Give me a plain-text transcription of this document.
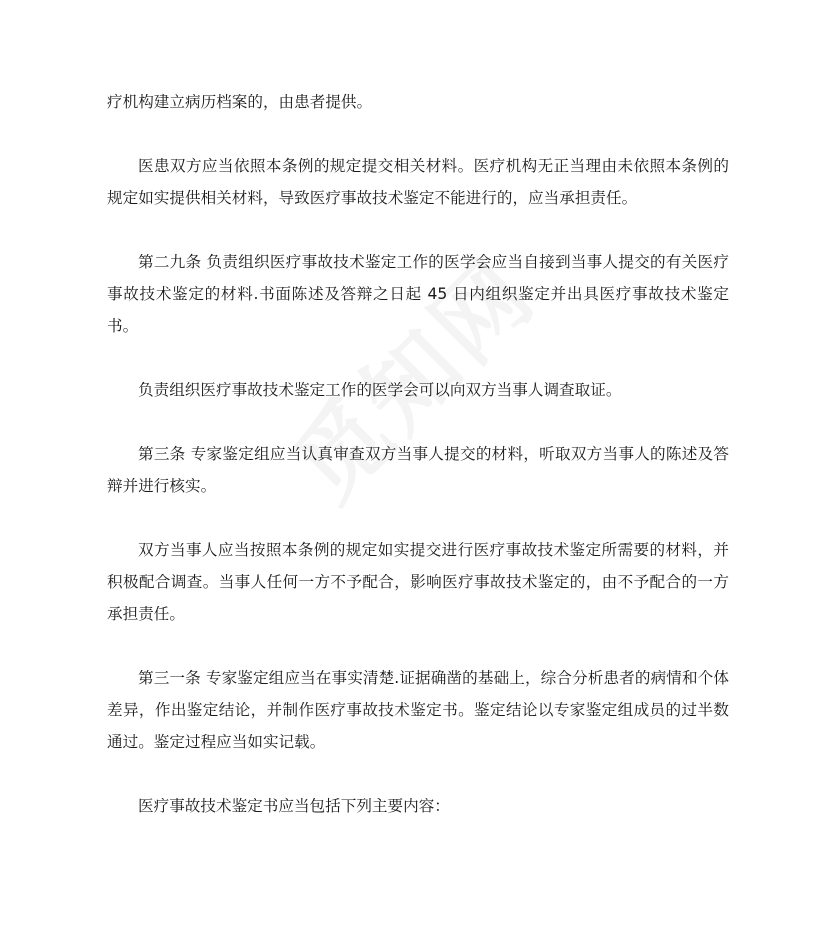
疗机构建立病历档案的，由患者提供。

医患双方应当依照本条例的规定提交相关材料。医疗机构无正当理由未依照本条例的规定如实提供相关材料，导致医疗事故技术鉴定不能进行的，应当承担责任。

第二九条 负责组织医疗事故技术鉴定工作的医学会应当自接到当事人提交的有关医疗事故技术鉴定的材料.书面陈述及答辩之日起 45 日内组织鉴定并出具医疗事故技术鉴定书。

负责组织医疗事故技术鉴定工作的医学会可以向双方当事人调查取证。

第三条 专家鉴定组应当认真审查双方当事人提交的材料，听取双方当事人的陈述及答辩并进行核实。

双方当事人应当按照本条例的规定如实提交进行医疗事故技术鉴定所需要的材料，并积极配合调查。当事人任何一方不予配合，影响医疗事故技术鉴定的，由不予配合的一方承担责任。

第三一条 专家鉴定组应当在事实清楚.证据确凿的基础上，综合分析患者的病情和个体差异，作出鉴定结论，并制作医疗事故技术鉴定书。鉴定结论以专家鉴定组成员的过半数通过。鉴定过程应当如实记载。

医疗事故技术鉴定书应当包括下列主要内容：
